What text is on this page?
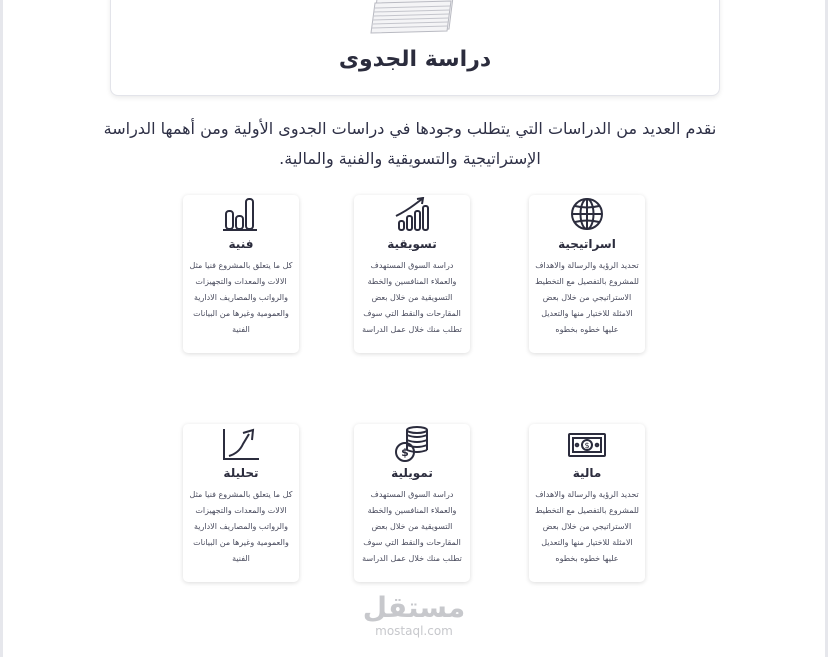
دراسة الجدوى
نقدم العديد من الدراسات التي يتطلب وجودها في دراسات الجدوى الأولية ومن أهمها الدراسة الإستراتيجية والتسويقية والفنية والمالية.
اسراتيجية
تحديد الرؤية والرسالة والاهداف للمشروع بالتفصيل مع التخطيط الاستراتيجي من خلال بعض الامثلة للاختيار منها والتعديل عليها خطوه بخطوه
تسويقية
دراسة السوق المستهدف والعملاء المنافسين والخطة التسويقية من خلال بعض المقارحات والنقط التي سوف تطلب منك خلال عمل الدراسة
فنية
كل ما يتعلق بالمشروع فنيا مثل الالات والمعدات والتجهيزات والرواتب والمصاريف الادارية والعمومية وغيرها من البيانات الفنية
$
مالية
تحديد الرؤية والرسالة والاهداف للمشروع بالتفصيل مع التخطيط الاستراتيجي من خلال بعض الامثلة للاختيار منها والتعديل عليها خطوه بخطوه
$
تمويلية
دراسة السوق المستهدف والعملاء المنافسين والخطة التسويقية من خلال بعض المقارحات والنقط التي سوف تطلب منك خلال عمل الدراسة
تحليلة
كل ما يتعلق بالمشروع فنيا مثل الالات والمعدات والتجهيزات والرواتب والمصاريف الادارية والعمومية وغيرها من البيانات الفنية
مستقل
mostaql.com
